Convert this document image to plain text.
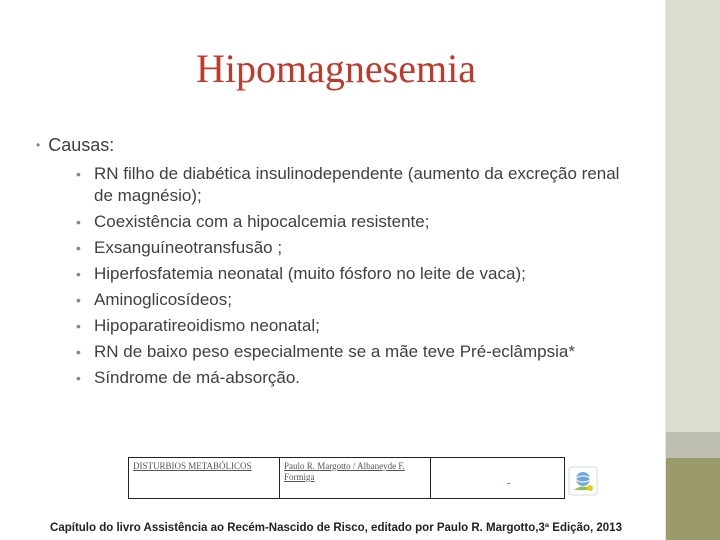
Hipomagnesemia
• Causas:
• RN filho de diabética insulinodependente (aumento da excreção renal de magnésio);
• Coexistência com a hipocalcemia resistente;
• Exsanguíneotransfusão ;
• Hiperfosfatemia neonatal (muito fósforo no leite de vaca);
• Aminoglicosídeos;
• Hipoparatireoidismo neonatal;
• RN de baixo peso especialmente se a mãe teve Pré-eclâmpsia*
• Síndrome de má-absorção.
DISTURBIOS METABÓLICOS	Paulo R. Margotto / Albaneyde F. Formiga	-
Capítulo do livro Assistência ao Recém-Nascido de Risco, editado por Paulo R. Margotto,3ª Edição, 2013
